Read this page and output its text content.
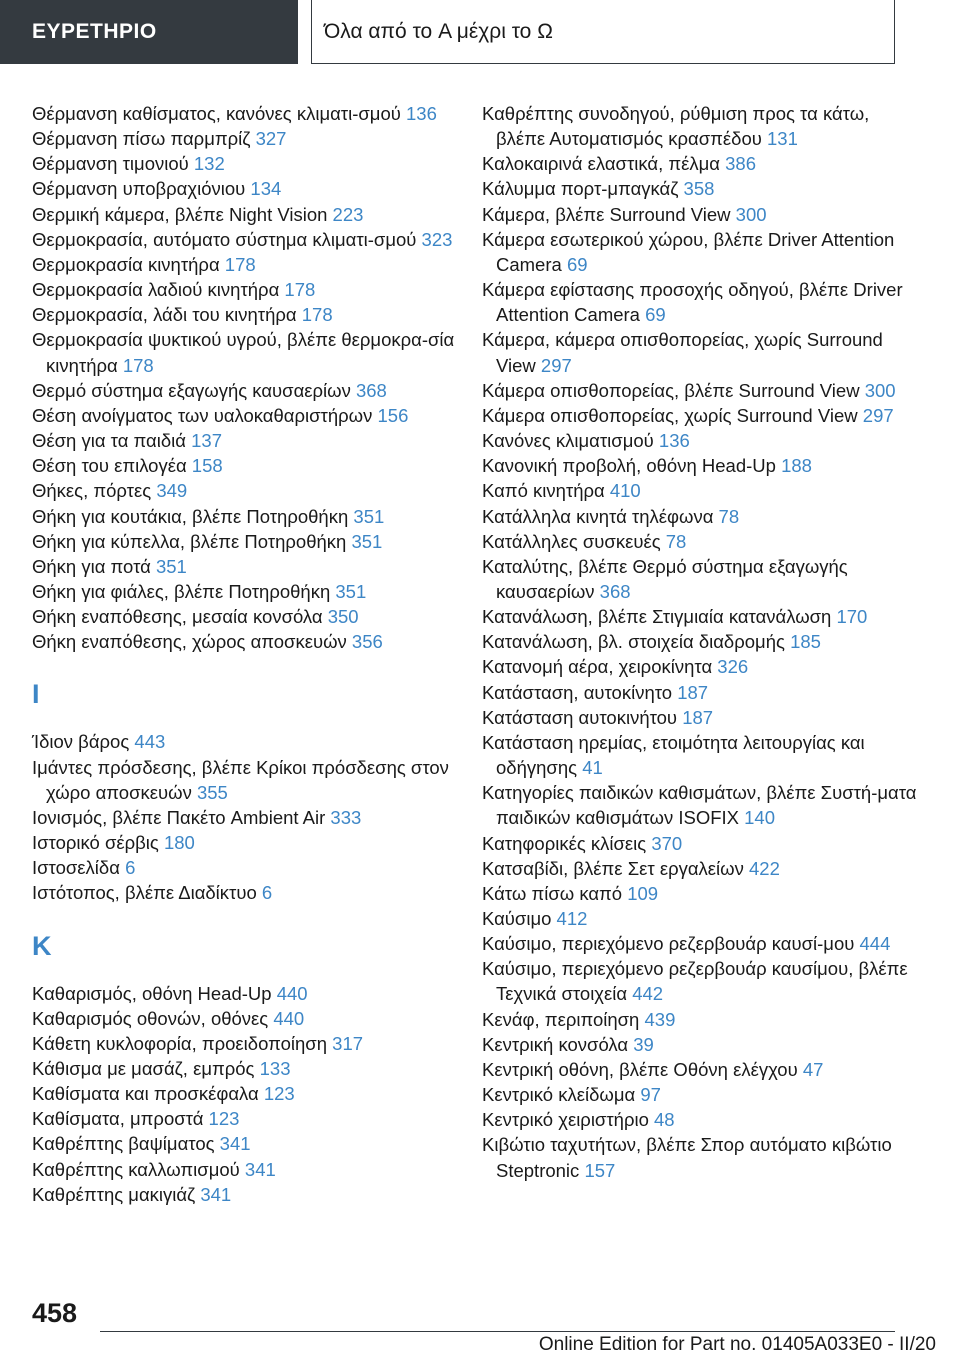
ΕΥΡΕΤΗΡΙΟ	Όλα από το A μέχρι το Ω
Θέρμανση καθίσματος, κανόνες κλιματι-σμού 136
Θέρμανση πίσω παρμπρίζ 327
Θέρμανση τιμονιού 132
Θέρμανση υποβραχιόνιου 134
Θερμική κάμερα, βλέπε Night Vision 223
Θερμοκρασία, αυτόματο σύστημα κλιματι-σμού 323
Θερμοκρασία κινητήρα 178
Θερμοκρασία λαδιού κινητήρα 178
Θερμοκρασία, λάδι του κινητήρα 178
Θερμοκρασία ψυκτικού υγρού, βλέπε θερμοκρα-σία κινητήρα 178
Θερμό σύστημα εξαγωγής καυσαερίων 368
Θέση ανοίγματος των υαλοκαθαριστήρων 156
Θέση για τα παιδιά 137
Θέση του επιλογέα 158
Θήκες, πόρτες 349
Θήκη για κουτάκια, βλέπε Ποτηροθήκη 351
Θήκη για κύπελλα, βλέπε Ποτηροθήκη 351
Θήκη για ποτά 351
Θήκη για φιάλες, βλέπε Ποτηροθήκη 351
Θήκη εναπόθεσης, μεσαία κονσόλα 350
Θήκη εναπόθεσης, χώρος αποσκευών 356
Ι
Ίδιον βάρος 443
Ιμάντες πρόσδεσης, βλέπε Κρίκοι πρόσδεσης στον χώρο αποσκευών 355
Ιονισμός, βλέπε Πακέτο Ambient Air 333
Ιστορικό σέρβις 180
Ιστοσελίδα 6
Ιστότοπος, βλέπε Διαδίκτυο 6
Κ
Καθαρισμός, οθόνη Head-Up 440
Καθαρισμός οθονών, οθόνες 440
Κάθετη κυκλοφορία, προειδοποίηση 317
Κάθισμα με μασάζ, εμπρός 133
Καθίσματα και προσκέφαλα 123
Καθίσματα, μπροστά 123
Καθρέπτης βαψίματος 341
Καθρέπτης καλλωπισμού 341
Καθρέπτης μακιγιάζ 341
Καθρέπτης συνοδηγού, ρύθμιση προς τα κάτω, βλέπε Αυτοματισμός κρασπέδου 131
Καλοκαιρινά ελαστικά, πέλμα 386
Κάλυμμα πορτ-μπαγκάζ 358
Κάμερα, βλέπε Surround View 300
Κάμερα εσωτερικού χώρου, βλέπε Driver Attention Camera 69
Κάμερα εφίστασης προσοχής οδηγού, βλέπε Driver Attention Camera 69
Κάμερα, κάμερα οπισθοπορείας, χωρίς Surround View 297
Κάμερα οπισθοπορείας, βλέπε Surround View 300
Κάμερα οπισθοπορείας, χωρίς Surround View 297
Κανόνες κλιματισμού 136
Κανονική προβολή, οθόνη Head-Up 188
Καπό κινητήρα 410
Κατάλληλα κινητά τηλέφωνα 78
Κατάλληλες συσκευές 78
Καταλύτης, βλέπε Θερμό σύστημα εξαγωγής καυσαερίων 368
Κατανάλωση, βλέπε Στιγμιαία κατανάλωση 170
Κατανάλωση, βλ. στοιχεία διαδρομής 185
Κατανομή αέρα, χειροκίνητα 326
Κατάσταση, αυτοκίνητο 187
Κατάσταση αυτοκινήτου 187
Κατάσταση ηρεμίας, ετοιμότητα λειτουργίας και οδήγησης 41
Κατηγορίες παιδικών καθισμάτων, βλέπε Συστή-ματα παιδικών καθισμάτων ISOFIX 140
Κατηφορικές κλίσεις 370
Κατσαβίδι, βλέπε Σετ εργαλείων 422
Κάτω πίσω καπό 109
Καύσιμο 412
Καύσιμο, περιεχόμενο ρεζερβουάρ καυσί-μου 444
Καύσιμο, περιεχόμενο ρεζερβουάρ καυσίμου, βλέπε Τεχνικά στοιχεία 442
Κενάφ, περιποίηση 439
Κεντρική κονσόλα 39
Κεντρική οθόνη, βλέπε Οθόνη ελέγχου 47
Κεντρικό κλείδωμα 97
Κεντρικό χειριστήριο 48
Κιβώτιο ταχυτήτων, βλέπε Σπορ αυτόματο κιβώτιο Steptronic 157
458
Online Edition for Part no. 01405A033E0 - II/20
